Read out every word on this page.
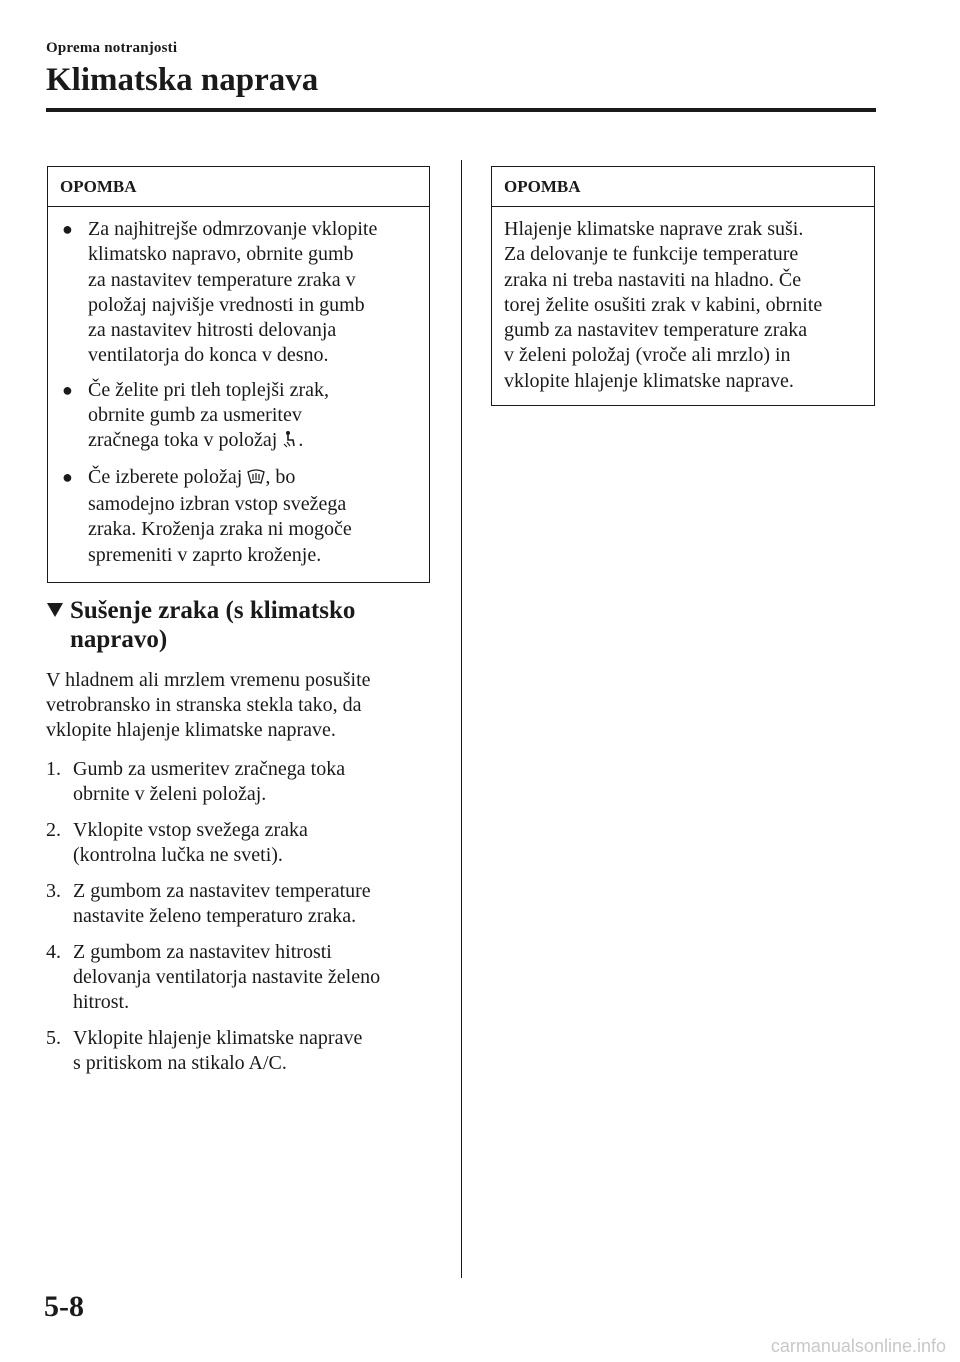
Oprema notranjosti
Klimatska naprava
OPOMBA
● Za najhitrejše odmrzovanje vklopite
klimatsko napravo, obrnite gumb
za nastavitev temperature zraka v
položaj najvišje vrednosti in gumb
za nastavitev hitrosti delovanja
ventilatorja do konca v desno.
● Če želite pri tleh toplejši zrak,
obrnite gumb za usmeritev
zračnega toka v položaj .
● Če izberete položaj , bo
samodejno izbran vstop svežega
zraka. Kroženja zraka ni mogoče
spremeniti v zaprto kroženje.
Sušenje zraka (s klimatsko
napravo)

V hladnem ali mrzlem vremenu posušite
vetrobransko in stranska stekla tako, da
vklopite hlajenje klimatske naprave.

1. Gumb za usmeritev zračnega toka
obrnite v želeni položaj.
2. Vklopite vstop svežega zraka
(kontrolna lučka ne sveti).
3. Z gumbom za nastavitev temperature
nastavite želeno temperaturo zraka.
4. Z gumbom za nastavitev hitrosti
delovanja ventilatorja nastavite želeno
hitrost.
5. Vklopite hlajenje klimatske naprave
s pritiskom na stikalo A/C.
OPOMBA
Hlajenje klimatske naprave zrak suši.
Za delovanje te funkcije temperature
zraka ni treba nastaviti na hladno. Če
torej želite osušiti zrak v kabini, obrnite
gumb za nastavitev temperature zraka
v želeni položaj (vroče ali mrzlo) in
vklopite hlajenje klimatske naprave.
5-8
carmanualsonline.info
